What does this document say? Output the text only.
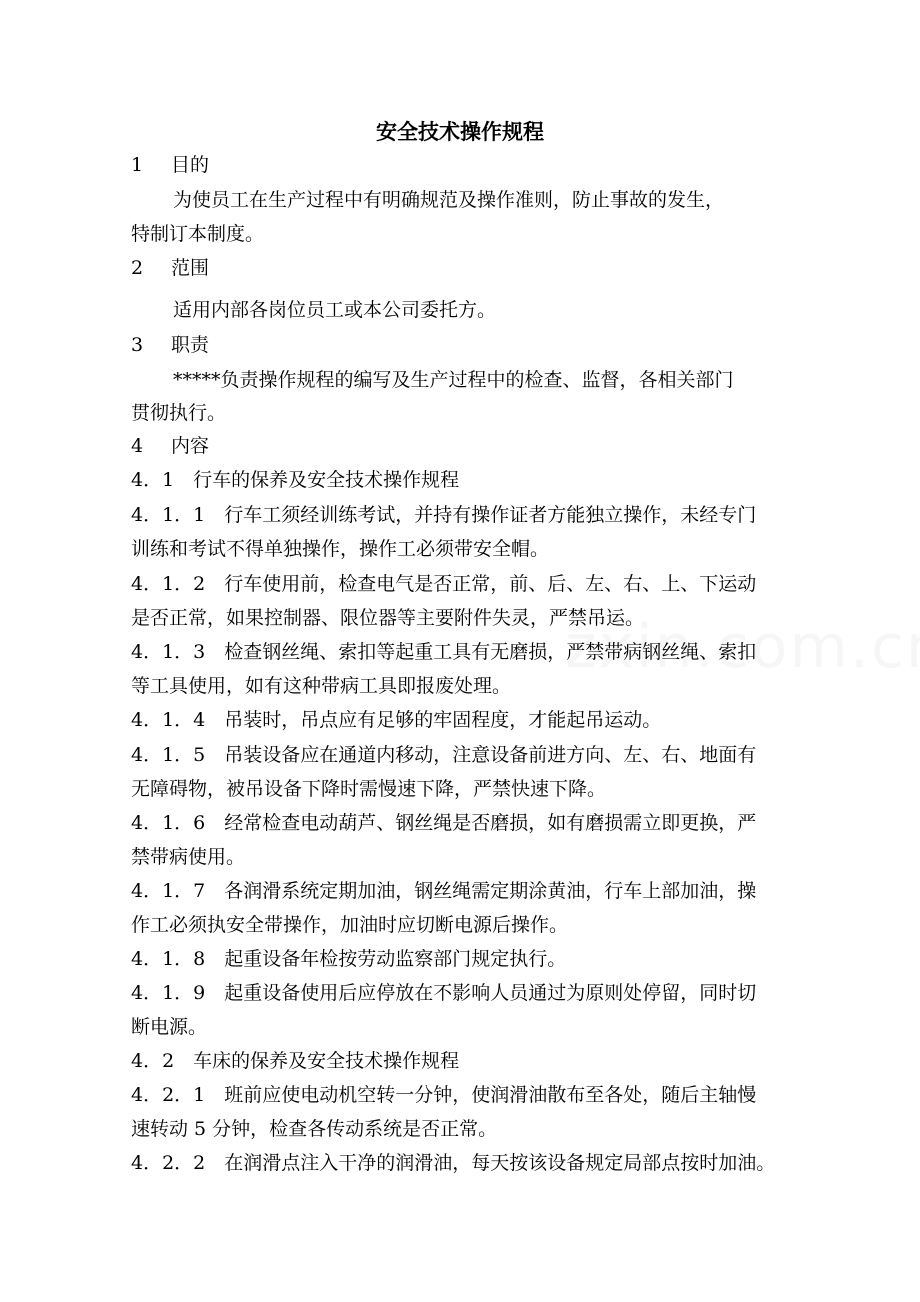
安全技术操作规程
1 目的
为使员工在生产过程中有明确规范及操作准则，防止事故的发生，
特制订本制度。
2 范围
适用内部各岗位员工或本公司委托方。
3 职责
*****负责操作规程的编写及生产过程中的检查、监督，各相关部门
贯彻执行。
4 内容
4．1　行车的保养及安全技术操作规程
4．1．1　行车工须经训练考试，并持有操作证者方能独立操作，未经专门
训练和考试不得单独操作，操作工必须带安全帽。
4．1．2　行车使用前，检查电气是否正常，前、后、左、右、上、下运动
是否正常，如果控制器、限位器等主要附件失灵，严禁吊运。
4．1．3　检查钢丝绳、索扣等起重工具有无磨损，严禁带病钢丝绳、索扣
等工具使用，如有这种带病工具即报废处理。
4．1．4　吊装时，吊点应有足够的牢固程度，才能起吊运动。
4．1．5　吊装设备应在通道内移动，注意设备前进方向、左、右、地面有
无障碍物，被吊设备下降时需慢速下降，严禁快速下降。
4．1．6　经常检查电动葫芦、钢丝绳是否磨损，如有磨损需立即更换，严
禁带病使用。
4．1．7　各润滑系统定期加油，钢丝绳需定期涂黄油，行车上部加油，操
作工必须执安全带操作，加油时应切断电源后操作。
4．1．8　起重设备年检按劳动监察部门规定执行。
4．1．9　起重设备使用后应停放在不影响人员通过为原则处停留，同时切
断电源。
4．2　车床的保养及安全技术操作规程
4．2．1　班前应使电动机空转一分钟，使润滑油散布至各处，随后主轴慢
速转动 5 分钟，检查各传动系统是否正常。
4．2．2　在润滑点注入干净的润滑油，每天按该设备规定局部点按时加油。
